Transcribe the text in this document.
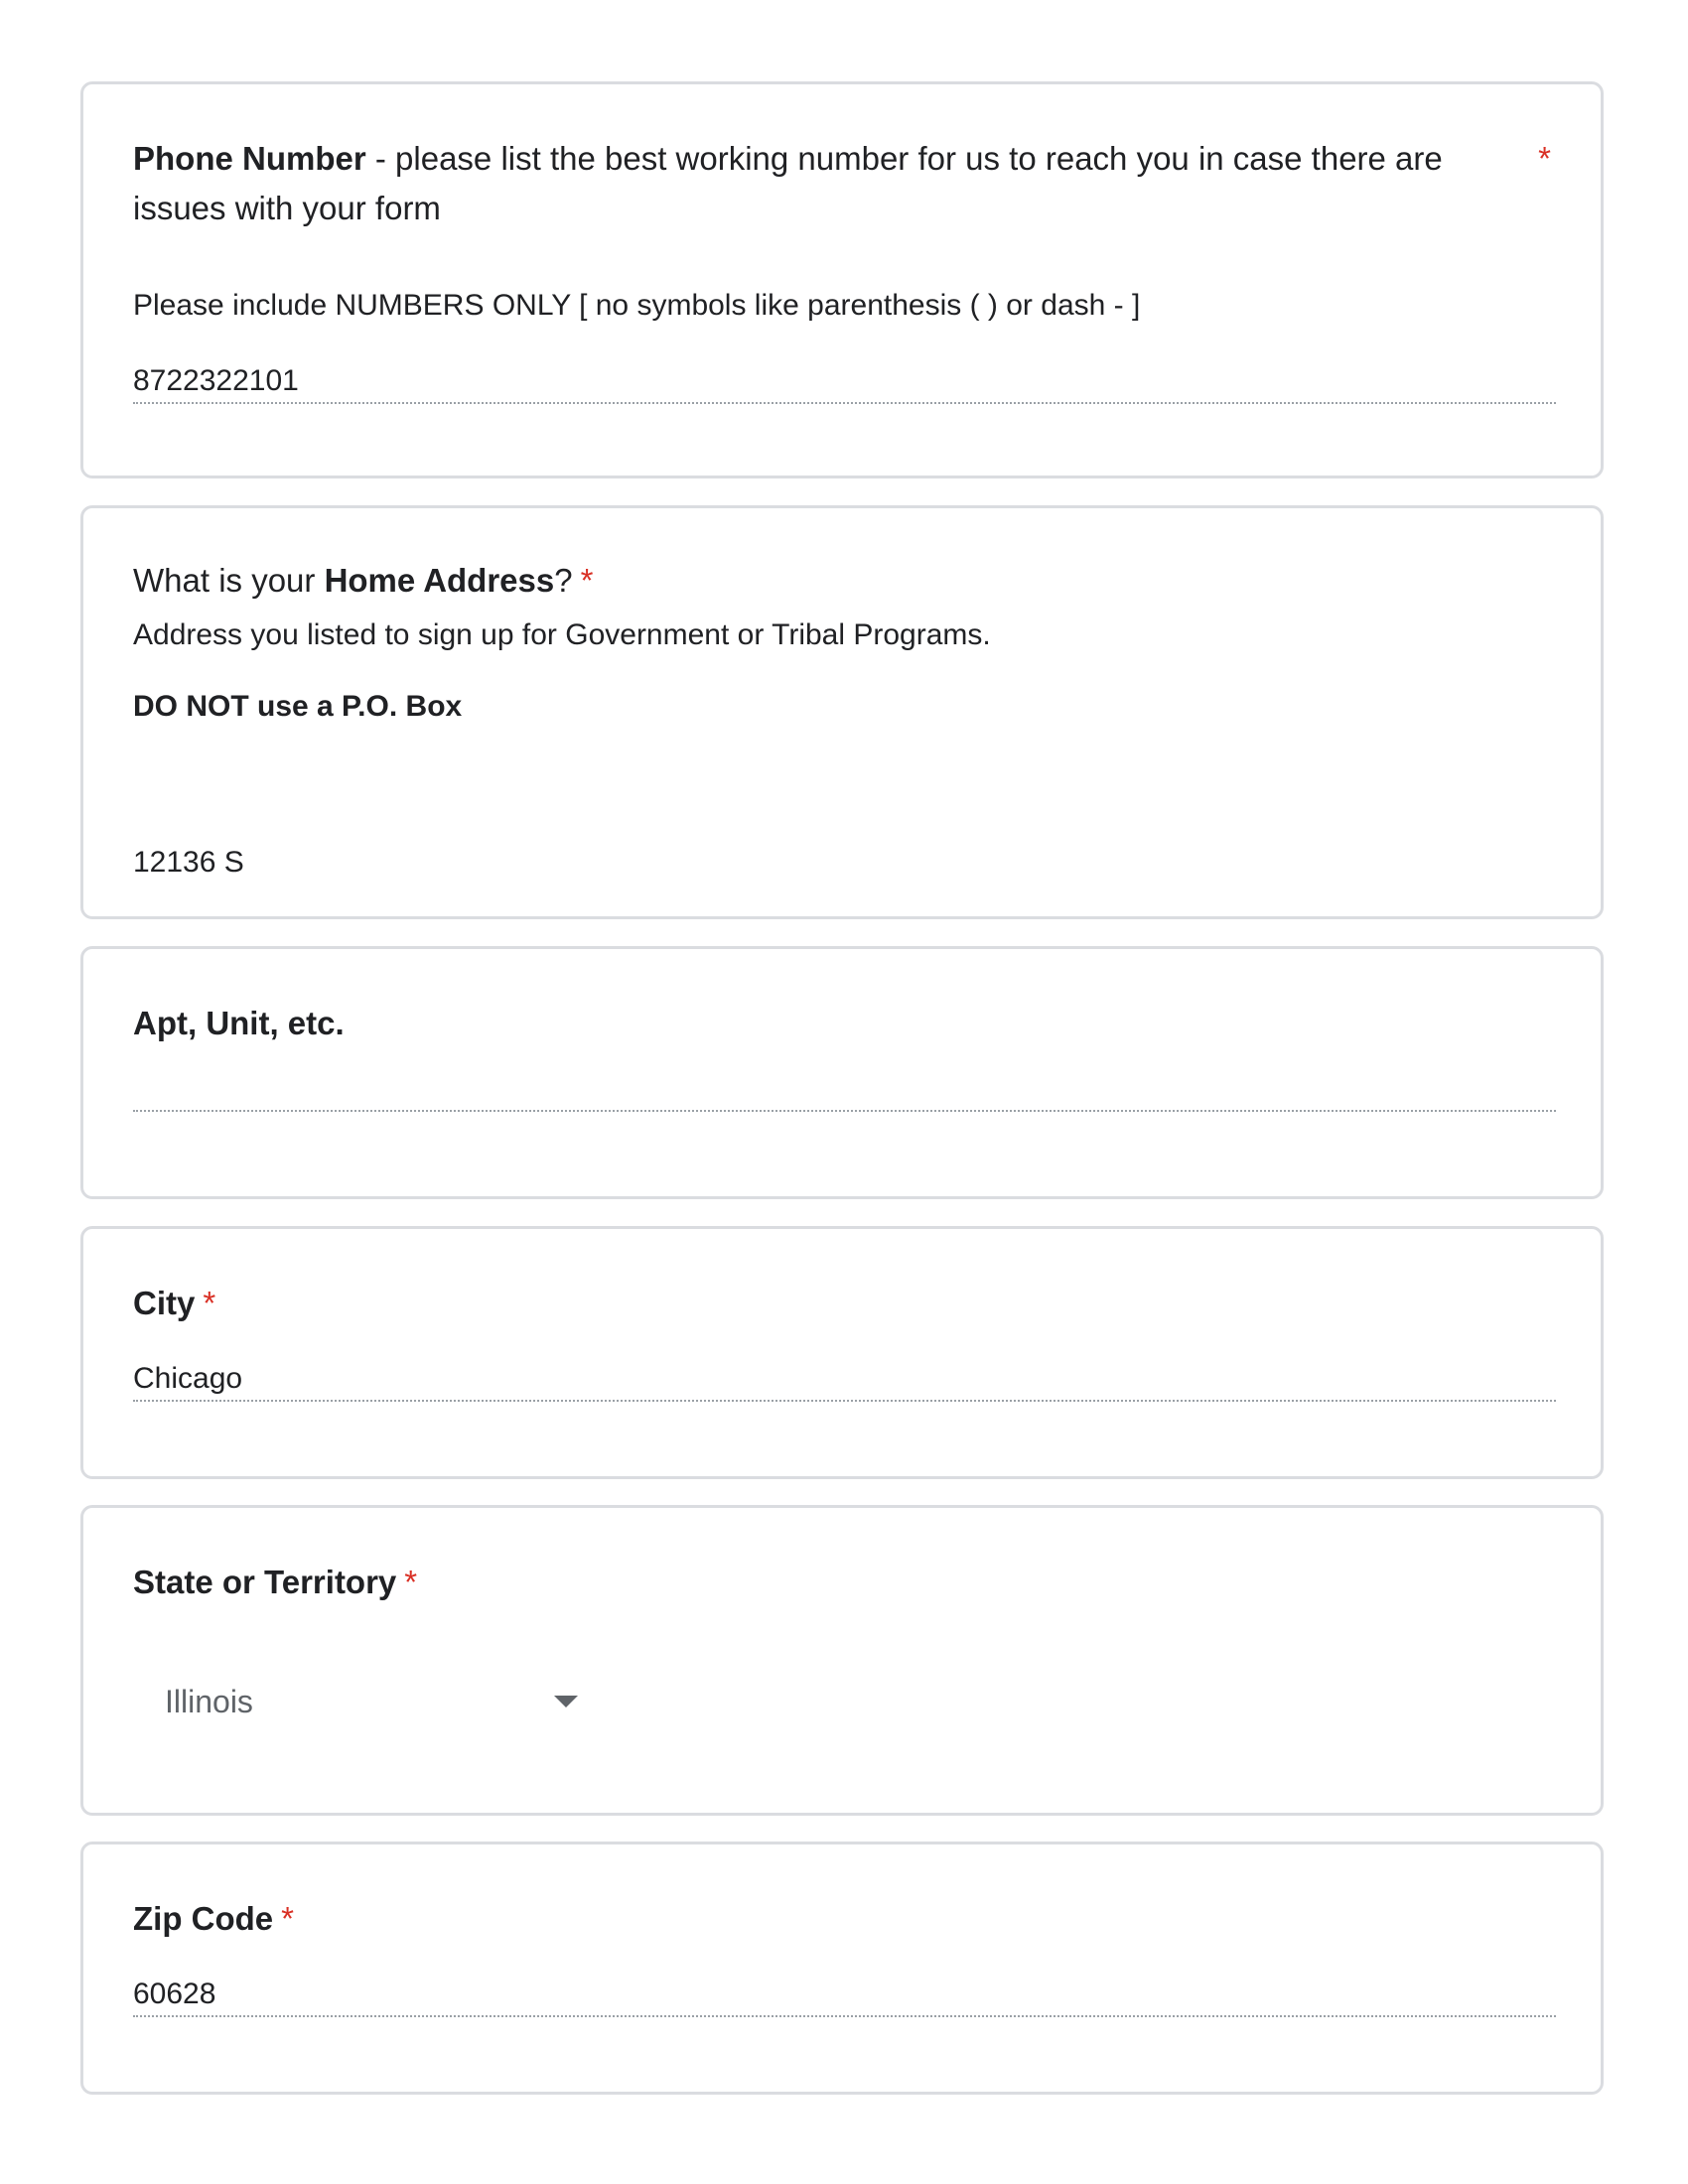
Phone Number - please list the best working number for us to reach you in case there are issues with your form
*
Please include NUMBERS ONLY [ no symbols like parenthesis ( ) or dash - ]
8722322101
What is your Home Address? *
Address you listed to sign up for Government or Tribal Programs.
DO NOT use a P.O. Box

12136 S

Apt, Unit, etc.
City *
Chicago
State or Territory *
Illinois
Zip Code *
60628
